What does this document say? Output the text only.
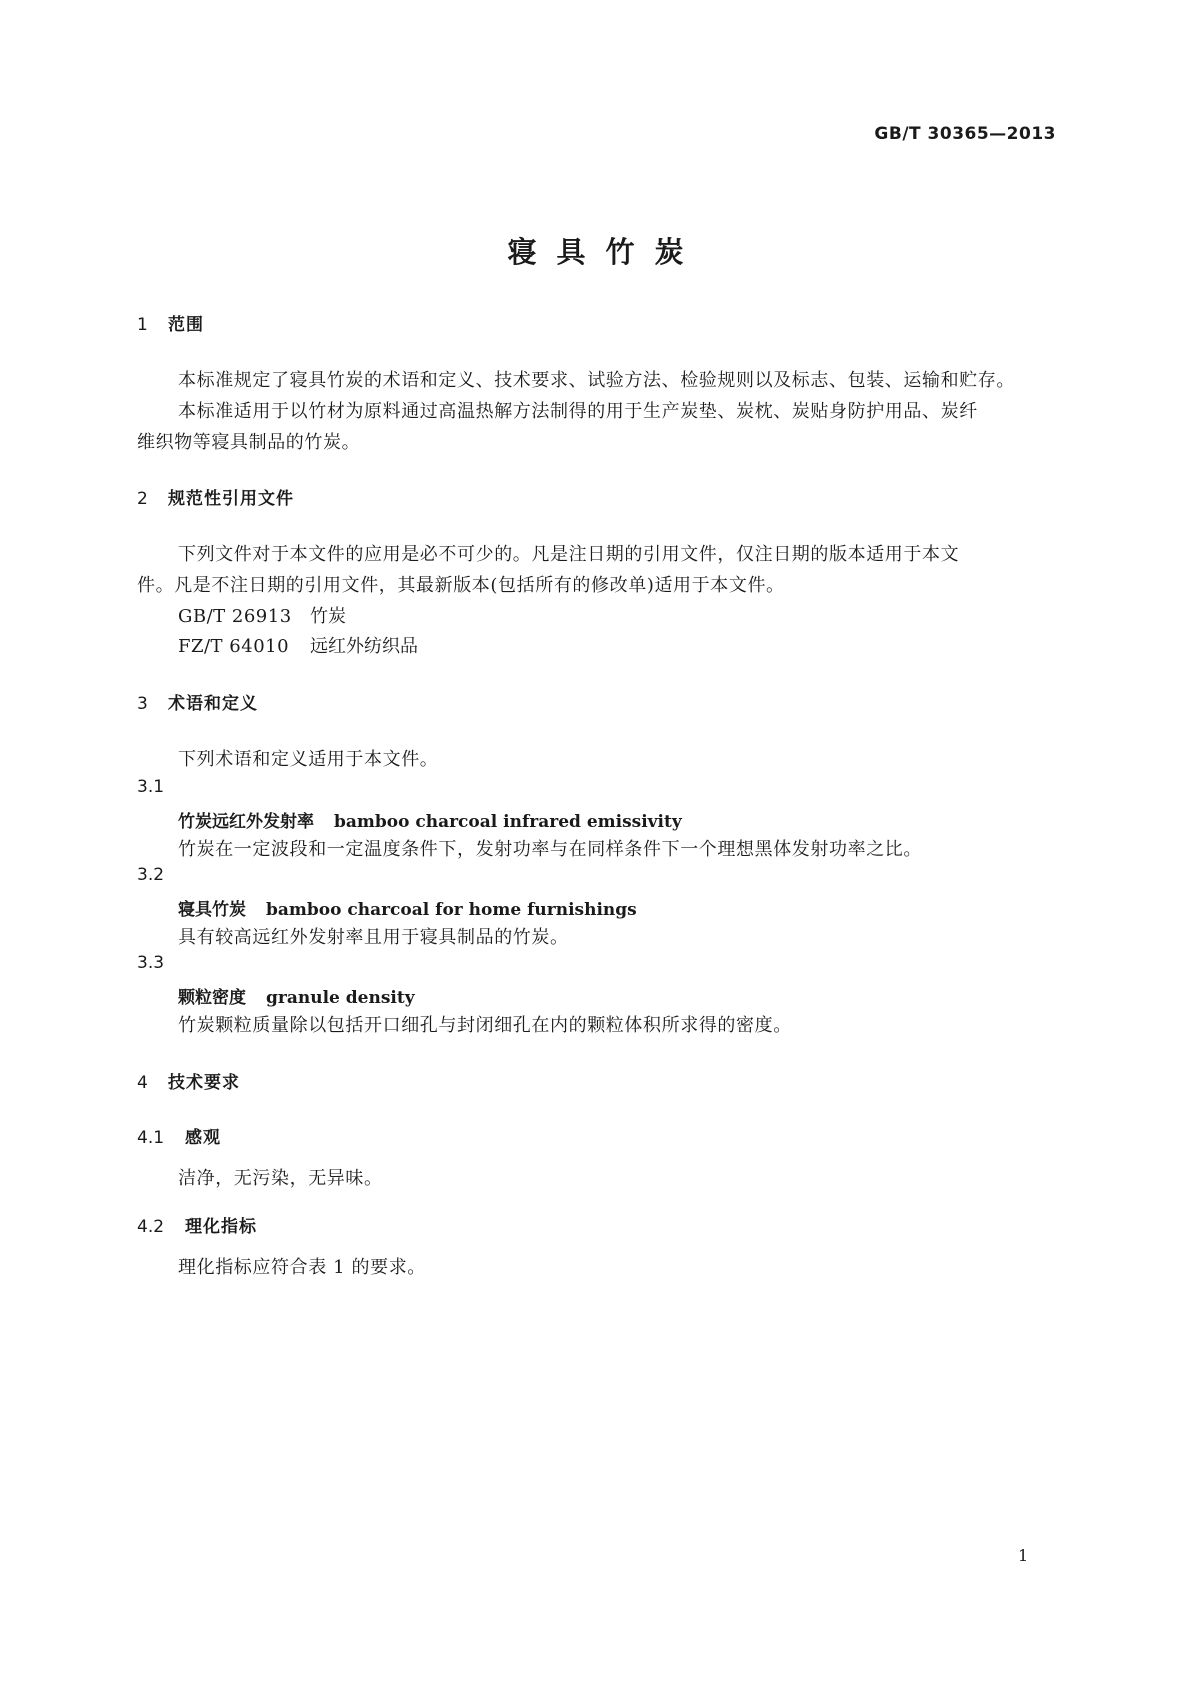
GB/T 30365—2013
寝具竹炭
1 范围
本标准规定了寝具竹炭的术语和定义、技术要求、试验方法、检验规则以及标志、包装、运输和贮存。
本标准适用于以竹材为原料通过高温热解方法制得的用于生产炭垫、炭枕、炭贴身防护用品、炭纤
维织物等寝具制品的竹炭。
2 规范性引用文件
下列文件对于本文件的应用是必不可少的。凡是注日期的引用文件，仅注日期的版本适用于本文
件。凡是不注日期的引用文件，其最新版本(包括所有的修改单)适用于本文件。
GB/T 26913 竹炭
FZ/T 64010 远红外纺织品
3 术语和定义
下列术语和定义适用于本文件。
3.1
竹炭远红外发射率 bamboo charcoal infrared emissivity
竹炭在一定波段和一定温度条件下，发射功率与在同样条件下一个理想黑体发射功率之比。
3.2
寝具竹炭 bamboo charcoal for home furnishings
具有较高远红外发射率且用于寝具制品的竹炭。
3.3
颗粒密度 granule density
竹炭颗粒质量除以包括开口细孔与封闭细孔在内的颗粒体积所求得的密度。
4 技术要求
4.1 感观
洁净，无污染，无异味。
4.2 理化指标
理化指标应符合表 1 的要求。
1
